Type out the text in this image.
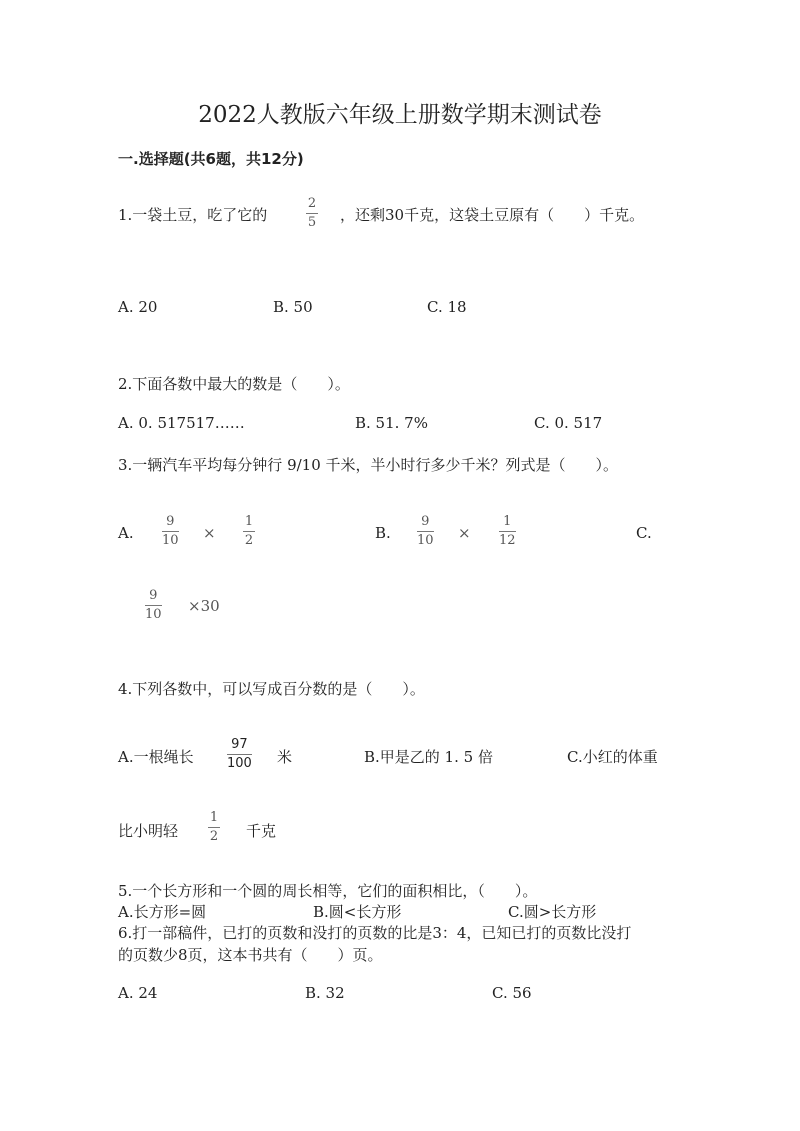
2022人教版六年级上册数学期末测试卷
一.选择题(共6题，共12分)
1.一袋土豆，吃了它的
2
5 ，还剩30千克，这袋土豆原有（　　）千克。
A. 20	B. 50	C. 18
2.下面各数中最大的数是（　　）。
A. 0. 517517……	B. 51. 7%	C. 0. 517
3.一辆汽车平均每分钟行 9/10 千米，半小时行多少千米？列式是（　　）。
A.
9
10 ×
1
2	B.
9
10 ×
1
12	C.
9
10 ×30
4.下列各数中，可以写成百分数的是（　　）。
A.一根绳长
97
100 米	B.甲是乙的 1. 5 倍	C.小红的体重
比小明轻
1
2 千克
5.一个长方形和一个圆的周长相等，它们的面积相比，（　　）。
A.长方形=圆	B.圆<长方形	C.圆>长方形
6.打一部稿件，已打的页数和没打的页数的比是3：4，已知已打的页数比没打
的页数少8页，这本书共有（　　）页。
A. 24	B. 32	C. 56
